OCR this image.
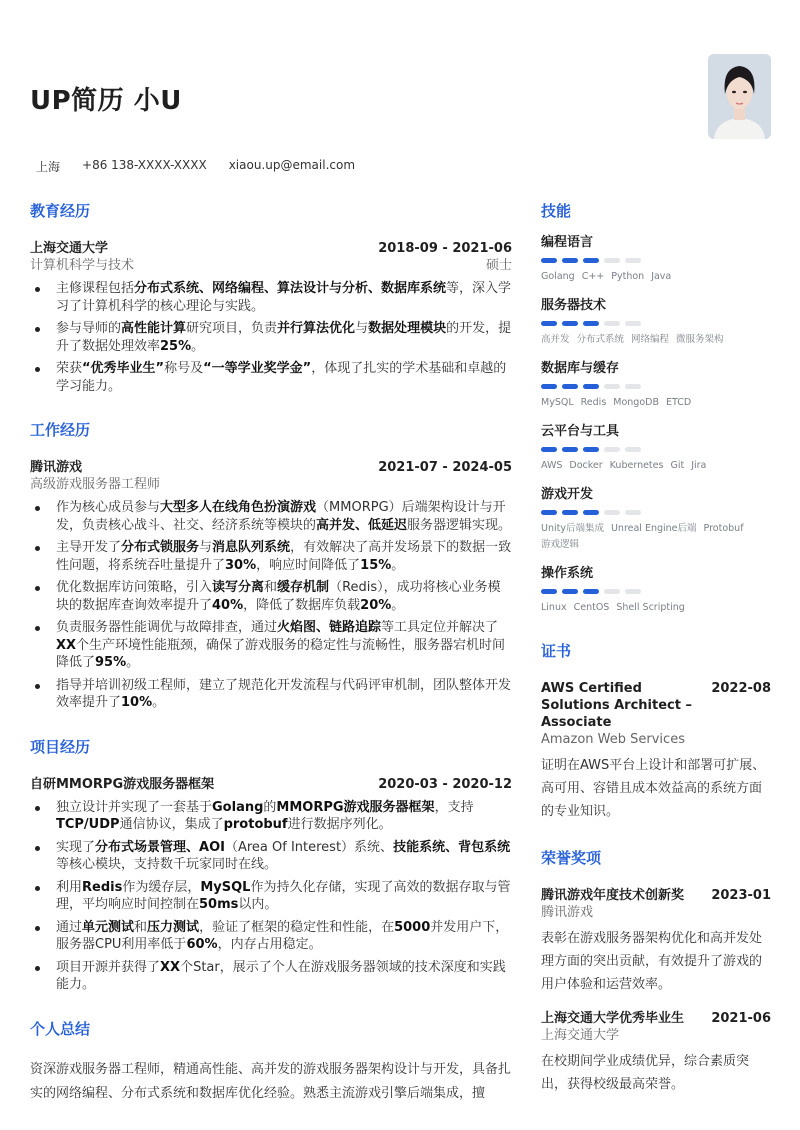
UP简历 小U
上海 +86 138-XXXX-XXXX xiaou.up@email.com
教育经历
上海交通大学	2018-09 - 2021-06
计算机科学与技术	硕士
主修课程包括分布式系统、网络编程、算法设计与分析、数据库系统等，深入学习了计算机科学的核心理论与实践。
参与导师的高性能计算研究项目，负责并行算法优化与数据处理模块的开发，提升了数据处理效率25%。
荣获“优秀毕业生”称号及“一等学业奖学金”，体现了扎实的学术基础和卓越的学习能力。
工作经历
腾讯游戏	2021-07 - 2024-05
高级游戏服务器工程师
作为核心成员参与大型多人在线角色扮演游戏（MMORPG）后端架构设计与开发，负责核心战斗、社交、经济系统等模块的高并发、低延迟服务器逻辑实现。
主导开发了分布式锁服务与消息队列系统，有效解决了高并发场景下的数据一致性问题，将系统吞吐量提升了30%，响应时间降低了15%。
优化数据库访问策略，引入读写分离和缓存机制（Redis），成功将核心业务模块的数据库查询效率提升了40%，降低了数据库负载20%。
负责服务器性能调优与故障排查，通过火焰图、链路追踪等工具定位并解决了XX个生产环境性能瓶颈，确保了游戏服务的稳定性与流畅性，服务器宕机时间降低了95%。
指导并培训初级工程师，建立了规范化开发流程与代码评审机制，团队整体开发效率提升了10%。
项目经历
自研MMORPG游戏服务器框架	2020-03 - 2020-12
独立设计并实现了一套基于Golang的MMORPG游戏服务器框架，支持TCP/UDP通信协议，集成了protobuf进行数据序列化。
实现了分布式场景管理、AOI（Area Of Interest）系统、技能系统、背包系统等核心模块，支持数千玩家同时在线。
利用Redis作为缓存层，MySQL作为持久化存储，实现了高效的数据存取与管理，平均响应时间控制在50ms以内。
通过单元测试和压力测试，验证了框架的稳定性和性能，在5000并发用户下，服务器CPU利用率低于60%，内存占用稳定。
项目开源并获得了XX个Star，展示了个人在游戏服务器领域的技术深度和实践能力。
个人总结
资深游戏服务器工程师，精通高性能、高并发的游戏服务器架构设计与开发，具备扎实的网络编程、分布式系统和数据库优化经验。熟悉主流游戏引擎后端集成，擅
技能
编程语言
Golang C++ Python Java
服务器技术
高并发 分布式系统 网络编程 微服务架构
数据库与缓存
MySQL Redis MongoDB ETCD
云平台与工具
AWS Docker Kubernetes Git Jira
游戏开发
Unity后端集成 Unreal Engine后端 Protobuf
游戏逻辑
操作系统
Linux CentOS Shell Scripting
证书
AWS Certified Solutions Architect – Associate
2022-08
Amazon Web Services
证明在AWS平台上设计和部署可扩展、高可用、容错且成本效益高的系统方面的专业知识。
荣誉奖项
腾讯游戏年度技术创新奖 2023-01
腾讯游戏
表彰在游戏服务器架构优化和高并发处理方面的突出贡献，有效提升了游戏的用户体验和运营效率。
上海交通大学优秀毕业生 2021-06
上海交通大学
在校期间学业成绩优异，综合素质突出，获得校级最高荣誉。
